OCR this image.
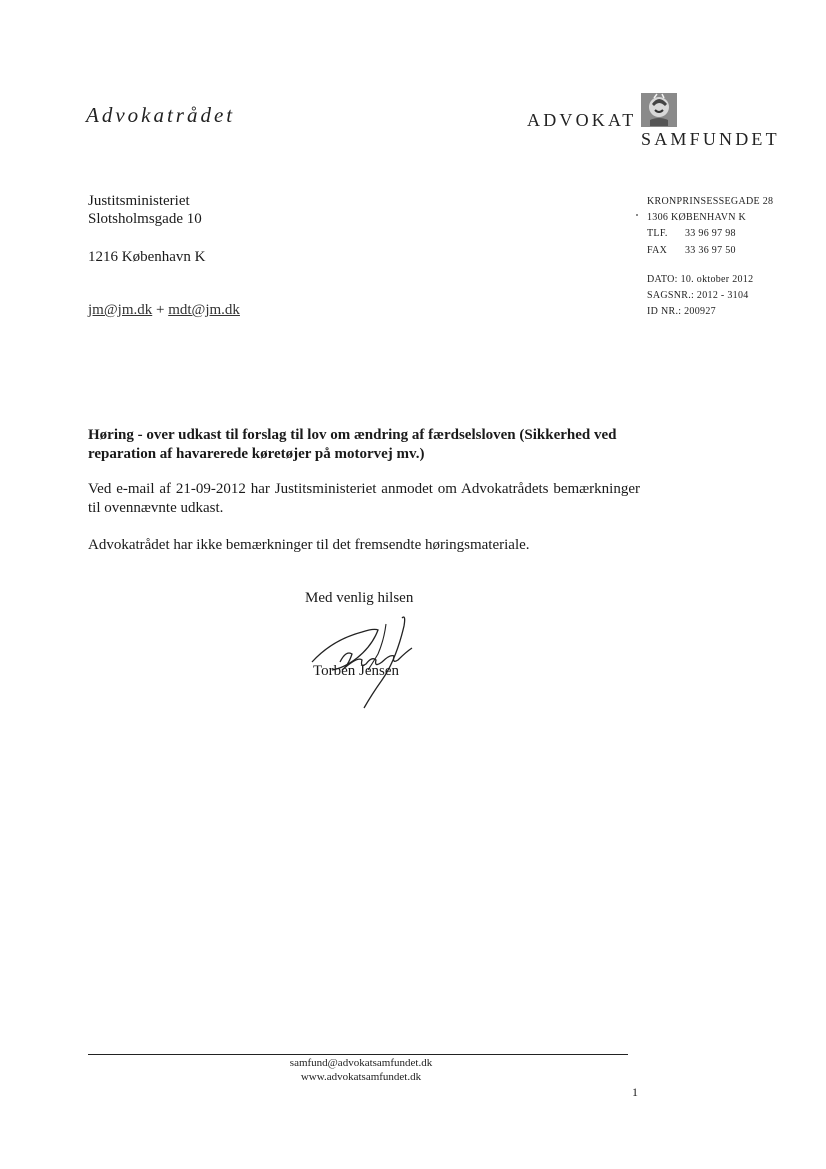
Advokatrådet	ADVOKAT
SAMFUNDET
Justitsministeriet
Slotsholmsgade 10
1216 København K
jm@jm.dk + mdt@jm.dk
KRONPRINSESSEGADE 28
1306 KØBENHAVN K
TLF. 33 96 97 98
FAX 33 36 97 50
DATO: 10. oktober 2012
SAGSNR.: 2012 - 3104
ID NR.: 200927
Høring - over udkast til forslag til lov om ændring af færdselsloven (Sikkerhed ved reparation af havarerede køretøjer på motorvej mv.)
Ved e-mail af 21-09-2012 har Justitsministeriet anmodet om Advokatrådets bemærkninger til ovennævnte udkast.
Advokatrådet har ikke bemærkninger til det fremsendte høringsmateriale.
Med venlig hilsen
Torben Jensen
samfund@advokatsamfundet.dk
www.advokatsamfundet.dk
1
